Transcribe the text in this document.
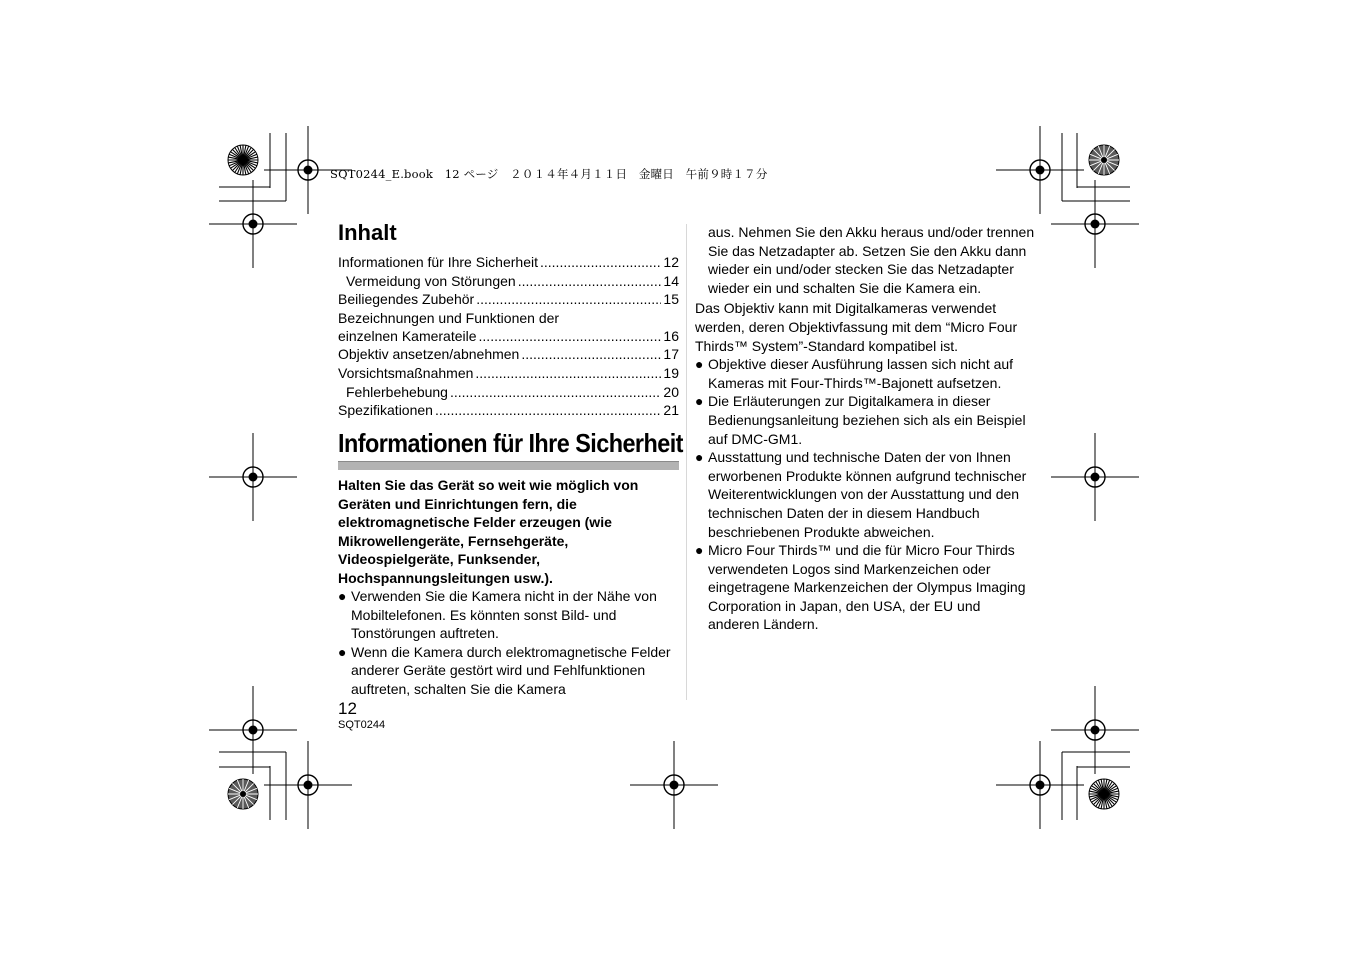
SQT0244_E.book　12 ページ　２０１４年４月１１日　金曜日　午前９時１７分
Inhalt
Informationen für Ihre Sicherheit .....	12
Vermeidung von Störungen .....	14
Beiliegendes Zubehör .....	15
Bezeichnungen und Funktionen der
einzelnen Kamerateile .....	16
Objektiv ansetzen/abnehmen .....	17
Vorsichtsmaßnahmen .....	19
Fehlerbehebung .....	20
Spezifikationen .....	21
Informationen für Ihre Sicherheit

Halten Sie das Gerät so weit wie möglich von Geräten und Einrichtungen fern, die elektromagnetische Felder erzeugen (wie Mikrowellengeräte, Fernsehgeräte, Videospielgeräte, Funksender, Hochspannungsleitungen usw.).

● Verwenden Sie die Kamera nicht in der Nähe von Mobiltelefonen. Es könnten sonst Bild- und Tonstörungen auftreten.

● Wenn die Kamera durch elektromagnetische Felder anderer Geräte gestört wird und Fehlfunktionen auftreten, schalten Sie die Kamera

aus. Nehmen Sie den Akku heraus und/oder trennen Sie das Netzadapter ab. Setzen Sie den Akku dann wieder ein und/oder stecken Sie das Netzadapter wieder ein und schalten Sie die Kamera ein.

Das Objektiv kann mit Digitalkameras verwendet werden, deren Objektivfassung mit dem “Micro Four Thirds™ System”-Standard kompatibel ist.

● Objektive dieser Ausführung lassen sich nicht auf Kameras mit Four-Thirds™-Bajonett aufsetzen.

● Die Erläuterungen zur Digitalkamera in dieser Bedienungsanleitung beziehen sich als ein Beispiel auf DMC-GM1.

● Ausstattung und technische Daten der von Ihnen erworbenen Produkte können aufgrund technischer Weiterentwicklungen von der Ausstattung und den technischen Daten der in diesem Handbuch beschriebenen Produkte abweichen.

● Micro Four Thirds™ und die für Micro Four Thirds verwendeten Logos sind Markenzeichen oder eingetragene Markenzeichen der Olympus Imaging Corporation in Japan, den USA, der EU und anderen Ländern.

12
SQT0244
